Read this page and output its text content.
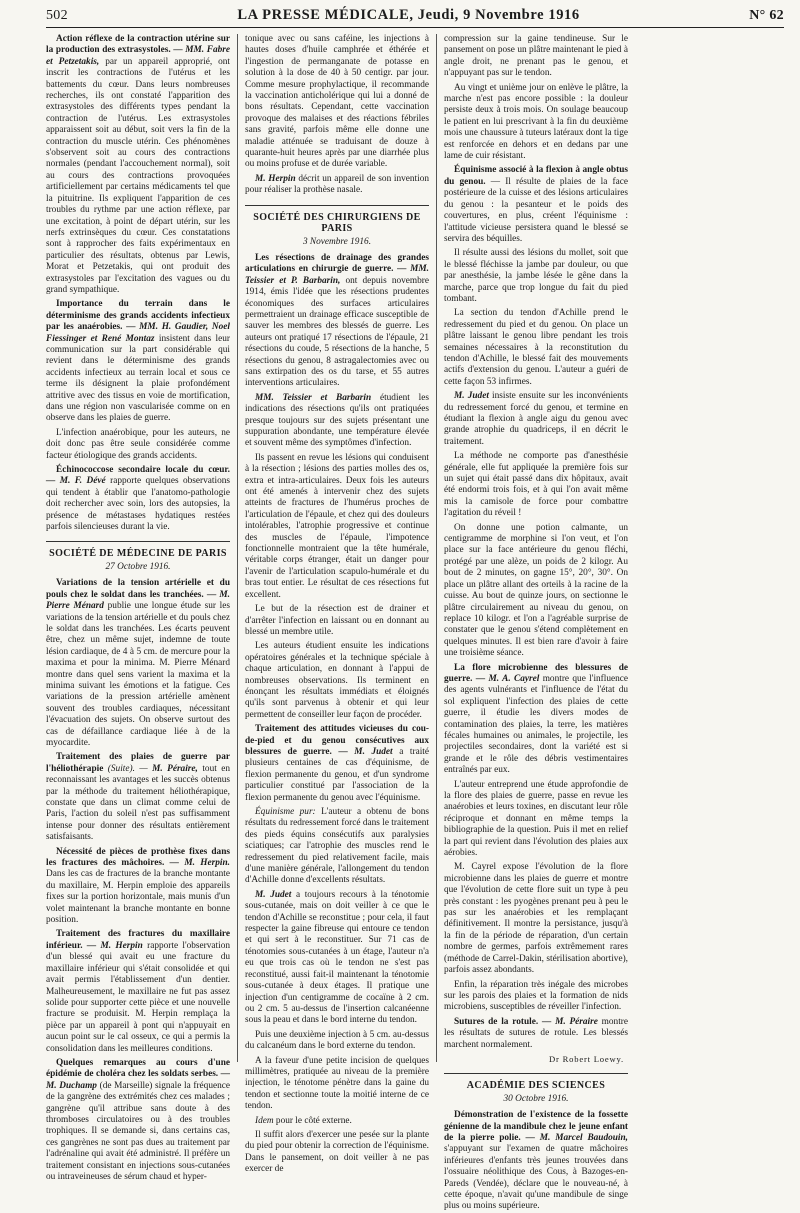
502	LA PRESSE MÉDICALE, Jeudi, 9 Novembre 1916	N° 62

Action réflexe de la contraction utérine sur la production des extrasystoles. — MM. Fabre et Petzetakis, par un appareil approprié, ont inscrit les contractions de l'utérus et les battements du cœur. Dans leurs nombreuses recherches, ils ont constaté l'apparition des extrasystoles des différents types pendant la contraction de l'utérus. Les extrasystoles apparaissent soit au début, soit vers la fin de la contraction du muscle utérin. Ces phénomènes s'observent soit au cours des contractions normales (pendant l'accouchement normal), soit au cours des contractions provoquées artificiellement par certains médicaments tel que la pituitrine. Ils expliquent l'apparition de ces troubles du rythme par une action réflexe, par une excitation, à point de départ utérin, sur les nerfs extrinsèques du cœur. Ces constatations sont à rapprocher des faits expérimentaux en particulier des résultats, obtenus par Lewis, Morat et Petzetakis, qui ont produit des extrasystoles par l'excitation des vagues ou du grand sympathique.

Importance du terrain dans le déterminisme des grands accidents infectieux par les anaérobies. — MM. H. Gaudier, Noel Fiessinger et René Montaz insistent dans leur communication sur la part considérable qui revient dans le déterminisme des grands accidents infectieux au terrain local et sous ce terme ils désignent la plaie profondément attritive avec des tissus en voie de mortification, dans une région non vascularisée comme on en observe dans les plaies de guerre.

L'infection anaérobique, pour les auteurs, ne doit donc pas être seule considérée comme facteur étiologique des grands accidents.

Échinococcose secondaire locale du cœur. — M. F. Dévé rapporte quelques observations qui tendent à établir que l'anatomo-pathologie doit rechercher avec soin, lors des autopsies, la présence de métastases hydatiques restées parfois silencieuses durant la vie.

SOCIÉTÉ DE MÉDECINE DE PARIS

27 Octobre 1916.

Variations de la tension artérielle et du pouls chez le soldat dans les tranchées. — M. Pierre Ménard publie une longue étude sur les variations de la tension artérielle et du pouls chez le soldat dans les tranchées. Les écarts peuvent être, chez un même sujet, indemne de toute lésion cardiaque, de 4 à 5 cm. de mercure pour la maxima et pour la minima. M. Pierre Ménard montre dans quel sens varient la maxima et la minima suivant les émotions et la fatigue. Ces variations de la pression artérielle amènent souvent des troubles cardiaques, nécessitant l'évacuation des sujets. On observe surtout des cas de défaillance cardiaque liée à de la myocardite.

Traitement des plaies de guerre par l'héliothérapie (Suite). — M. Péraire, tout en reconnaissant les avantages et les succès obtenus par la méthode du traitement héliothérapique, constate que dans un climat comme celui de Paris, l'action du soleil n'est pas suffisamment intense pour donner des résultats entièrement satisfaisants.

Nécessité de pièces de prothèse fixes dans les fractures des mâchoires. — M. Herpin. Dans les cas de fractures de la branche montante du maxillaire, M. Herpin emploie des appareils fixes sur la portion horizontale, mais munis d'un volet maintenant la branche montante en bonne position.

Traitement des fractures du maxillaire inférieur. — M. Herpin rapporte l'observation d'un blessé qui avait eu une fracture du maxillaire inférieur qui s'était consolidée et qui avait permis l'établissement d'un dentier. Malheureusement, le maxillaire ne fut pas assez solide pour supporter cette pièce et une nouvelle fracture se produisit. M. Herpin remplaça la pièce par un appareil à pont qui n'appuyait en aucun point sur le cal osseux, ce qui a permis la consolidation dans les meilleures conditions.

Quelques remarques au cours d'une épidémie de choléra chez les soldats serbes. — M. Duchamp (de Marseille) signale la fréquence de la gangrène des extrémités chez ces malades ; gangrène qu'il attribue sans doute à des thromboses circulatoires ou à des troubles trophiques. Il se demande si, dans certains cas, ces gangrènes ne sont pas dues au traitement par l'adrénaline qui avait été administré. Il préfère un traitement consistant en injections sous-cutanées ou intraveineuses de sérum chaud et hyper-

tonique avec ou sans caféine, les injections à hautes doses d'huile camphrée et éthérée et l'ingestion de permanganate de potasse en solution à la dose de 40 à 50 centigr. par jour. Comme mesure prophylactique, il recommande la vaccination anticholérique qui lui a donné de bons résultats. Cependant, cette vaccination provoque des malaises et des réactions fébriles sans gravité, parfois même elle donne une maladie atténuée se traduisant de douze à quarante-huit heures après par une diarrhée plus ou moins profuse et de durée variable.

M. Herpin décrit un appareil de son invention pour réaliser la prothèse nasale.

SOCIÉTÉ DES CHIRURGIENS DE PARIS

3 Novembre 1916.

Les résections de drainage des grandes articulations en chirurgie de guerre. — MM. Teissier et P. Barbarin, ont depuis novembre 1914, émis l'idée que les résections prudentes économiques des surfaces articulaires permettraient un drainage efficace susceptible de sauver les membres des blessés de guerre. Les auteurs ont pratiqué 17 résections de l'épaule, 21 résections du coude, 5 résections de la hanche, 5 résections du genou, 8 astragalectomies avec ou sans extirpation des os du tarse, et 55 autres interventions articulaires.

MM. Teissier et Barbarin étudient les indications des résections qu'ils ont pratiquées presque toujours sur des sujets présentant une suppuration abondante, une température élevée et souvent même des symptômes d'infection.

Ils passent en revue les lésions qui conduisent à la résection ; lésions des parties molles des os, extra et intra-articulaires. Deux fois les auteurs ont été amenés à intervenir chez des sujets atteints de fractures de l'humérus proches de l'articulation de l'épaule, et chez qui des douleurs intolérables, l'atrophie progressive et continue des muscles de l'épaule, l'impotence fonctionnelle montraient que la tête humérale, véritable corps étranger, était un danger pour l'avenir de l'articulation scapulo-humérale et du bras tout entier. Le résultat de ces résections fut excellent.

Le but de la résection est de drainer et d'arrêter l'infection en laissant ou en donnant au blessé un membre utile.

Les auteurs étudient ensuite les indications opératoires générales et la technique spéciale à chaque articulation, en donnant à l'appui de nombreuses observations. Ils terminent en énonçant les résultats immédiats et éloignés qu'ils sont parvenus à obtenir et qui leur permettent de conseiller leur façon de procéder.

Traitement des attitudes vicieuses du cou-de-pied et du genou consécutives aux blessures de guerre. — M. Judet a traité plusieurs centaines de cas d'équinisme, de flexion permanente du genou, et d'un syndrome particulier constitué par l'association de la flexion permanente du genou avec l'équinisme.

Équinisme pur: L'auteur a obtenu de bons résultats du redressement forcé dans le traitement des pieds équins consécutifs aux paralysies sciatiques; car l'atrophie des muscles rend le redressement du pied relativement facile, mais d'une manière générale, l'allongement du tendon d'Achille donne d'excellents résultats.

M. Judet a toujours recours à la ténotomie sous-cutanée, mais on doit veiller à ce que le tendon d'Achille se reconstitue ; pour cela, il faut respecter la gaine fibreuse qui entoure ce tendon et qui sert à le reconstituer. Sur 71 cas de ténotomies sous-cutanées à un étage, l'auteur n'a eu que trois cas où le tendon ne s'est pas reconstitué, aussi fait-il maintenant la ténotomie sous-cutanée à deux étages. Il pratique une injection d'un centigramme de cocaïne à 2 cm. ou 2 cm. 5 au-dessus de l'insertion calcanéenne sous la peau et dans le bord interne du tendon.

Puis une deuxième injection à 5 cm. au-dessus du calcanéum dans le bord externe du tendon.

A la faveur d'une petite incision de quelques millimètres, pratiquée au niveau de la première injection, le ténotome pénètre dans la gaine du tendon et sectionne toute la moitié interne de ce tendon.

Idem pour le côté externe.

Il suffit alors d'exercer une pesée sur la plante du pied pour obtenir la correction de l'équinisme. Dans le pansement, on doit veiller à ne pas exercer de

compression sur la gaine tendineuse. Sur le pansement on pose un plâtre maintenant le pied à angle droit, ne prenant pas le genou, et n'appuyant pas sur le tendon.

Au vingt et unième jour on enlève le plâtre, la marche n'est pas encore possible : la douleur persiste deux à trois mois. On soulage beaucoup le patient en lui prescrivant à la fin du deuxième mois une chaussure à tuteurs latéraux dont la tige est renforcée en dehors et en dedans par une lame de cuir résistant.

Équinisme associé à la flexion à angle obtus du genou. — Il résulte de plaies de la face postérieure de la cuisse et des lésions articulaires du genou : la pesanteur et le poids des couvertures, en plus, créent l'équinisme : l'attitude vicieuse persistera quand le blessé se servira des béquilles.

Il résulte aussi des lésions du mollet, soit que le blessé fléchisse la jambe par douleur, ou que par anesthésie, la jambe lésée le gêne dans la marche, parce que trop longue du fait du pied tombant.

La section du tendon d'Achille prend le redressement du pied et du genou. On place un plâtre laissant le genou libre pendant les trois semaines nécessaires à la reconstitution du tendon d'Achille, le blessé fait des mouvements actifs d'extension du genou. L'auteur a guéri de cette façon 53 infirmes.

M. Judet insiste ensuite sur les inconvénients du redressement forcé du genou, et termine en étudiant la flexion à angle aigu du genou avec grande atrophie du quadriceps, il en décrit le traitement.

La méthode ne comporte pas d'anesthésie générale, elle fut appliquée la première fois sur un sujet qui était passé dans dix hôpitaux, avait été endormi trois fois, et à qui l'on avait même mis la camisole de force pour combattre l'agitation du réveil !

On donne une potion calmante, un centigramme de morphine si l'on veut, et l'on place sur la face antérieure du genou fléchi, protégé par une alèze, un poids de 2 kilogr. Au bout de 2 minutes, on gagne 15°, 20°, 30°. On place un plâtre allant des orteils à la racine de la cuisse. Au bout de quinze jours, on sectionne le plâtre circulairement au niveau du genou, on replace 10 kilogr. et l'on a l'agréable surprise de constater que le genou s'étend complètement en quelques minutes. Il est bien rare d'avoir à faire une troisième séance.

La flore microbienne des blessures de guerre. — M. A. Cayrel montre que l'influence des agents vulnérants et l'influence de l'état du sol expliquent l'infection des plaies de cette guerre, il étudie les divers modes de contamination des plaies, la terre, les matières fécales humaines ou animales, le projectile, les projectiles secondaires, dont la variété est si grande et le rôle des débris vestimentaires entraînés par eux.

L'auteur entreprend une étude approfondie de la flore des plaies de guerre, passe en revue les anaérobies et leurs toxines, en discutant leur rôle réciproque et donnant en même temps la bibliographie de la question. Puis il met en relief la part qui revient dans l'évolution des plaies aux aérobies.

M. Cayrel expose l'évolution de la flore microbienne dans les plaies de guerre et montre que l'évolution de cette flore suit un type à peu près constant : les pyogènes prenant peu à peu le pas sur les anaérobies et les remplaçant définitivement. Il montre la persistance, jusqu'à la fin de la période de réparation, d'un certain nombre de germes, parfois extrêmement rares (méthode de Carrel-Dakin, stérilisation abortive), parfois assez abondants.

Enfin, la réparation très inégale des microbes sur les parois des plaies et la formation de nids microbiens, susceptibles de réveiller l'infection.

Sutures de la rotule. — M. Péraire montre les résultats de sutures de rotule. Les blessés marchent normalement.

Dr Robert Loewy.

ACADÉMIE DES SCIENCES

30 Octobre 1916.

Démonstration de l'existence de la fossette génienne de la mandibule chez le jeune enfant de la pierre polie. — M. Marcel Baudouin, s'appuyant sur l'examen de quatre mâchoires inférieures d'enfants très jeunes trouvées dans l'ossuaire néolithique des Cous, à Bazoges-en-Pareds (Vendée), déclare que le nouveau-né, à cette époque, n'avait qu'une mandibule de singe plus ou moins supérieure.
